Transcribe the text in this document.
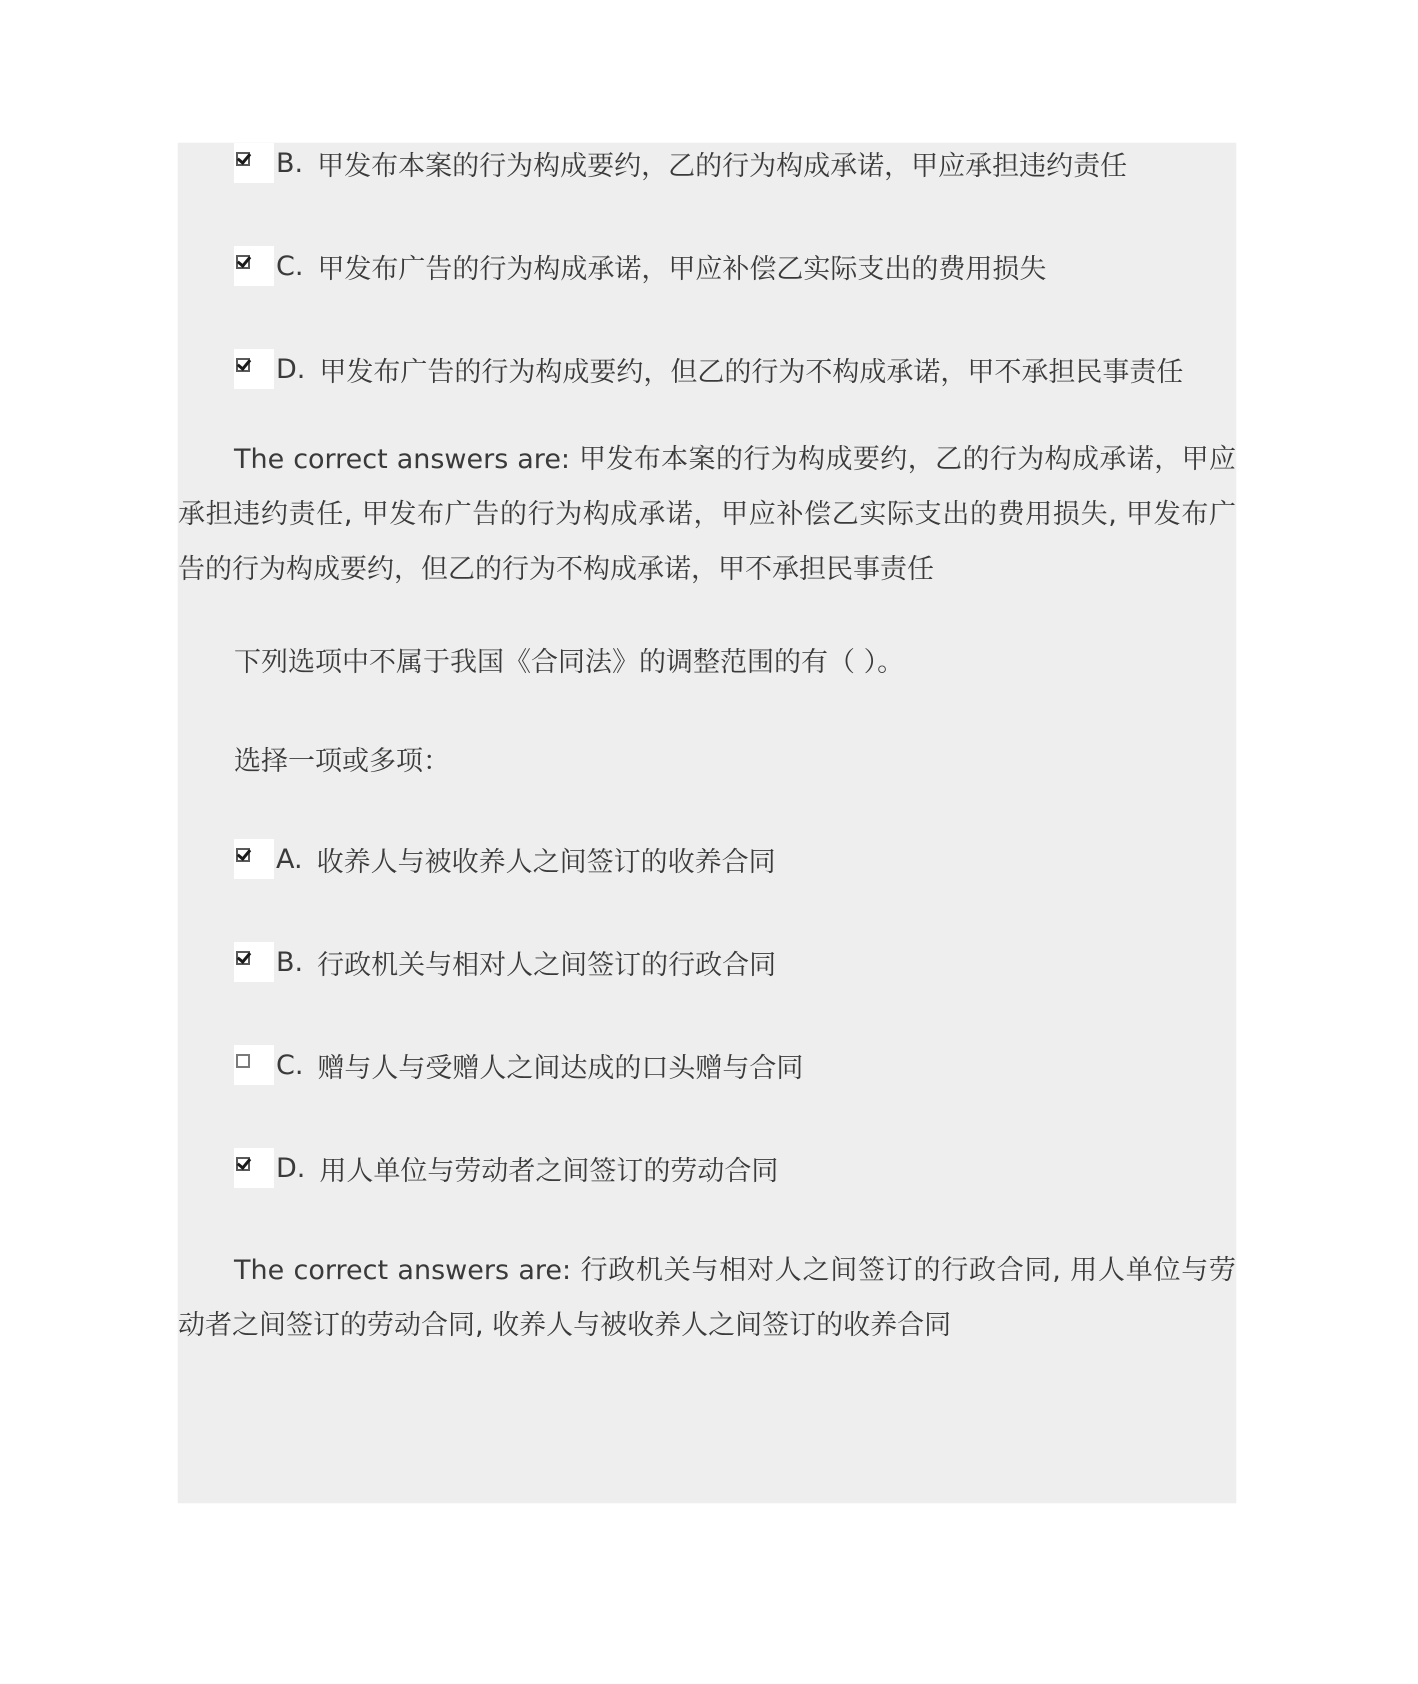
B. 甲发布本案的行为构成要约，乙的行为构成承诺，甲应承担违约责任
C. 甲发布广告的行为构成承诺，甲应补偿乙实际支出的费用损失
D. 甲发布广告的行为构成要约，但乙的行为不构成承诺，甲不承担民事责任
The correct answers are: 甲发布本案的行为构成要约，乙的行为构成承诺，甲应承担违约责任, 甲发布广告的行为构成承诺，甲应补偿乙实际支出的费用损失, 甲发布广告的行为构成要约，但乙的行为不构成承诺，甲不承担民事责任
下列选项中不属于我国《合同法》的调整范围的有（ ）。
选择一项或多项：
A. 收养人与被收养人之间签订的收养合同
B. 行政机关与相对人之间签订的行政合同
C. 赠与人与受赠人之间达成的口头赠与合同
D. 用人单位与劳动者之间签订的劳动合同
The correct answers are: 行政机关与相对人之间签订的行政合同, 用人单位与劳动者之间签订的劳动合同, 收养人与被收养人之间签订的收养合同
